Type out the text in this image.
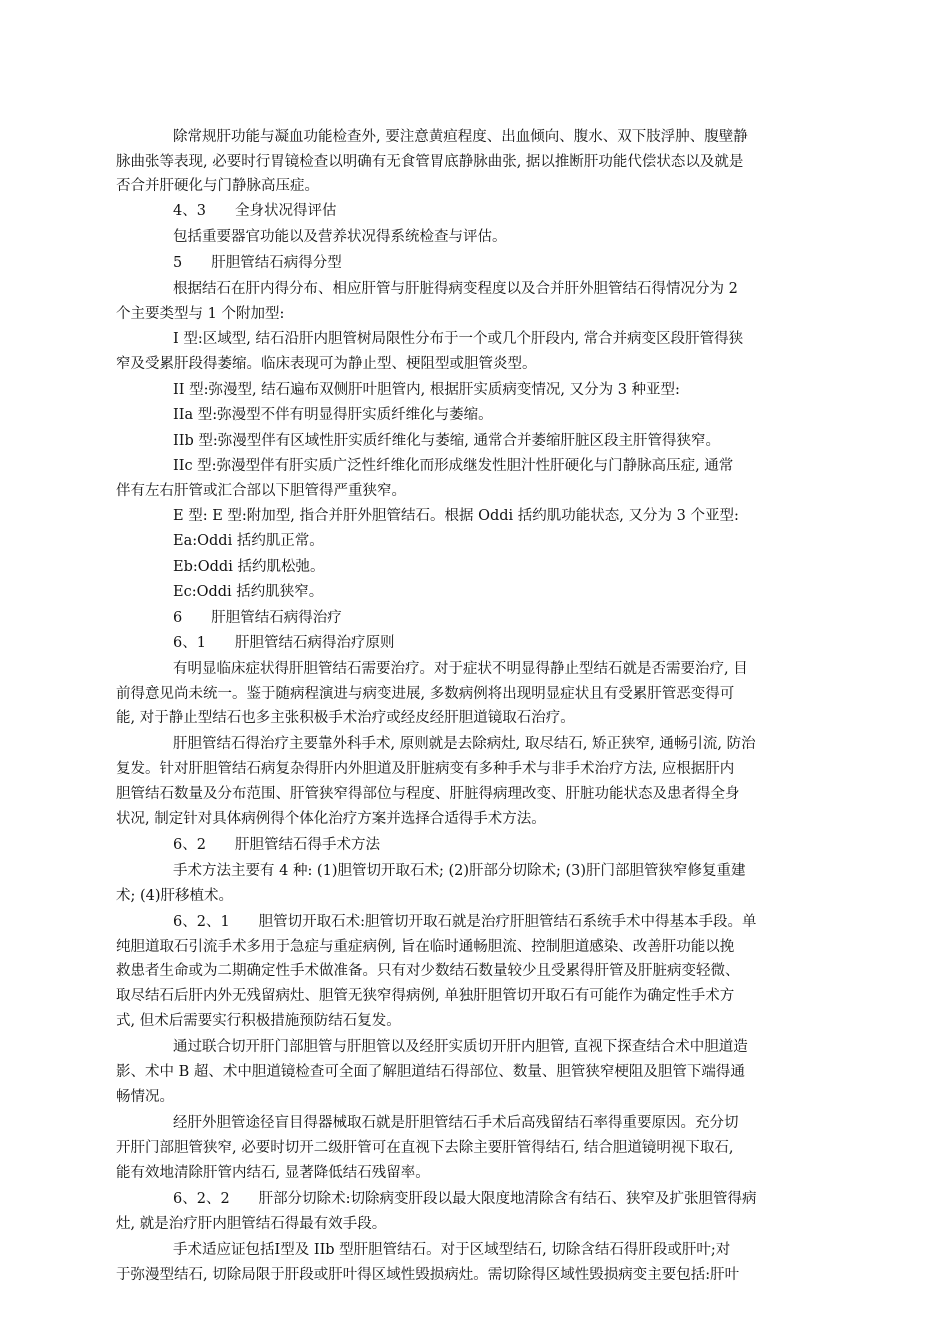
除常规肝功能与凝血功能检查外, 要注意黄疸程度、出血倾向、腹水、双下肢浮肿、腹壁静
脉曲张等表现, 必要时行胃镜检查以明确有无食管胃底静脉曲张, 据以推断肝功能代偿状态以及就是
否合并肝硬化与门静脉高压症。
4、3　　全身状况得评估
包括重要器官功能以及营养状况得系统检查与评估。
5　　肝胆管结石病得分型
根据结石在肝内得分布、相应肝管与肝脏得病变程度以及合并肝外胆管结石得情况分为 2
个主要类型与 1 个附加型:
I 型:区域型, 结石沿肝内胆管树局限性分布于一个或几个肝段内, 常合并病变区段肝管得狭
窄及受累肝段得萎缩。临床表现可为静止型、梗阻型或胆管炎型。
II 型:弥漫型, 结石遍布双侧肝叶胆管内, 根据肝实质病变情况, 又分为 3 种亚型:
IIa 型:弥漫型不伴有明显得肝实质纤维化与萎缩。
IIb 型:弥漫型伴有区域性肝实质纤维化与萎缩, 通常合并萎缩肝脏区段主肝管得狭窄。
IIc 型:弥漫型伴有肝实质广泛性纤维化而形成继发性胆汁性肝硬化与门静脉高压症, 通常
伴有左右肝管或汇合部以下胆管得严重狭窄。
E 型: E 型:附加型, 指合并肝外胆管结石。根据 Oddi 括约肌功能状态, 又分为 3 个亚型:
Ea:Oddi 括约肌正常。
Eb:Oddi 括约肌松弛。
Ec:Oddi 括约肌狭窄。
6　　肝胆管结石病得治疗
6、1　　肝胆管结石病得治疗原则
有明显临床症状得肝胆管结石需要治疗。对于症状不明显得静止型结石就是否需要治疗, 目
前得意见尚未统一。鉴于随病程演进与病变进展, 多数病例将出现明显症状且有受累肝管恶变得可
能, 对于静止型结石也多主张积极手术治疗或经皮经肝胆道镜取石治疗。
肝胆管结石得治疗主要靠外科手术, 原则就是去除病灶, 取尽结石, 矫正狭窄, 通畅引流, 防治
复发。针对肝胆管结石病复杂得肝内外胆道及肝脏病变有多种手术与非手术治疗方法, 应根据肝内
胆管结石数量及分布范围、肝管狭窄得部位与程度、肝脏得病理改变、肝脏功能状态及患者得全身
状况, 制定针对具体病例得个体化治疗方案并选择合适得手术方法。
6、2　　肝胆管结石得手术方法
手术方法主要有 4 种: (1)胆管切开取石术; (2)肝部分切除术; (3)肝门部胆管狭窄修复重建
术; (4)肝移植术。
6、2、1　　胆管切开取石术:胆管切开取石就是治疗肝胆管结石系统手术中得基本手段。单
纯胆道取石引流手术多用于急症与重症病例, 旨在临时通畅胆流、控制胆道感染、改善肝功能以挽
救患者生命或为二期确定性手术做准备。只有对少数结石数量较少且受累得肝管及肝脏病变轻微、
取尽结石后肝内外无残留病灶、胆管无狭窄得病例, 单独肝胆管切开取石有可能作为确定性手术方
式, 但术后需要实行积极措施预防结石复发。
通过联合切开肝门部胆管与肝胆管以及经肝实质切开肝内胆管, 直视下探查结合术中胆道造
影、术中 B 超、术中胆道镜检查可全面了解胆道结石得部位、数量、胆管狭窄梗阻及胆管下端得通
畅情况。
经肝外胆管途径盲目得器械取石就是肝胆管结石手术后高残留结石率得重要原因。充分切
开肝门部胆管狭窄, 必要时切开二级肝管可在直视下去除主要肝管得结石, 结合胆道镜明视下取石,
能有效地清除肝管内结石, 显著降低结石残留率。
6、2、2　　肝部分切除术:切除病变肝段以最大限度地清除含有结石、狭窄及扩张胆管得病
灶, 就是治疗肝内胆管结石得最有效手段。
手术适应证包括Ⅰ型及 IIb 型肝胆管结石。对于区域型结石, 切除含结石得肝段或肝叶;对
于弥漫型结石, 切除局限于肝段或肝叶得区域性毁损病灶。需切除得区域性毁损病变主要包括:肝叶
